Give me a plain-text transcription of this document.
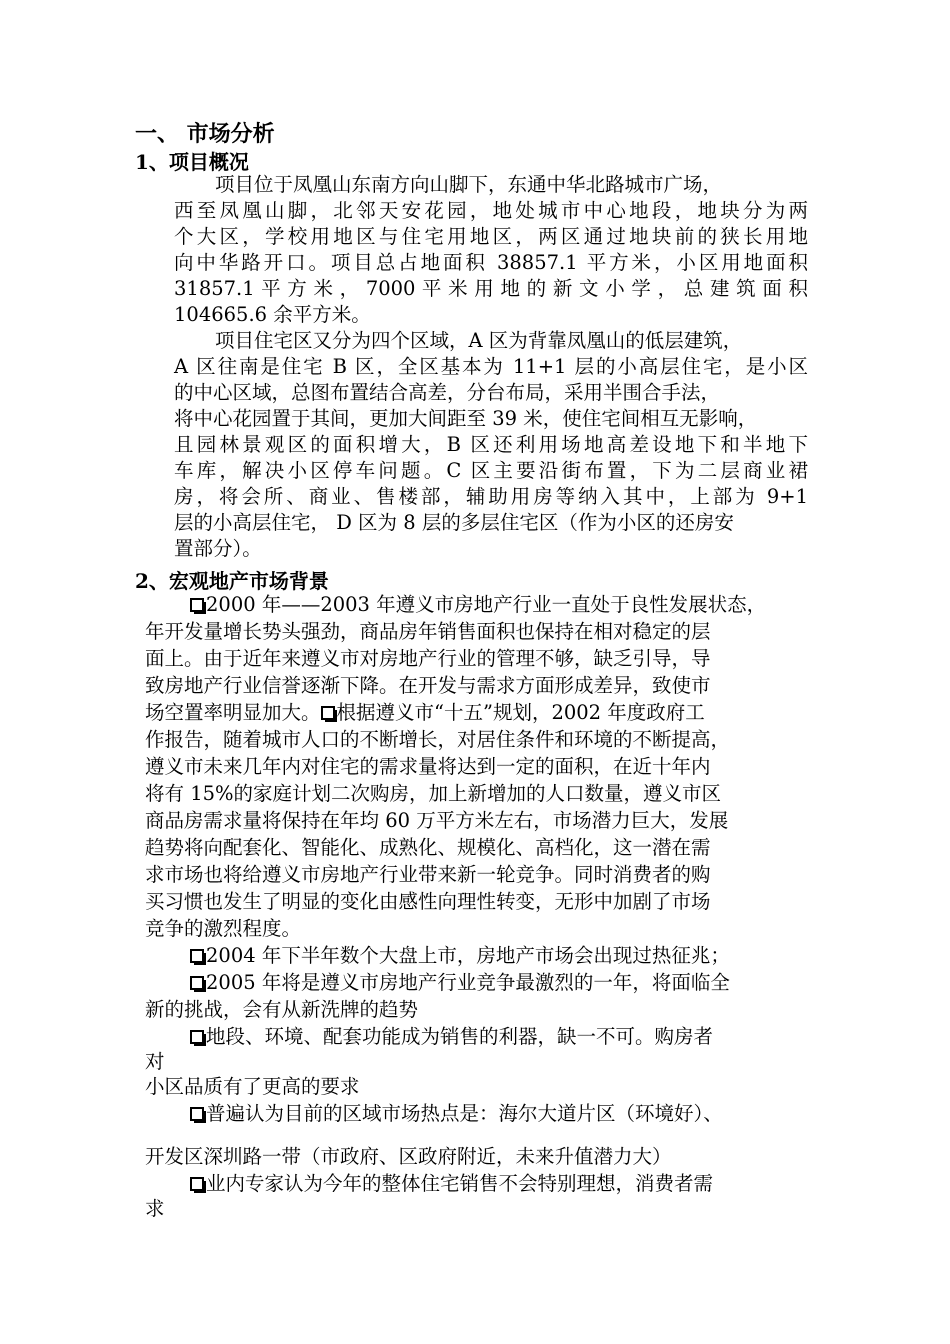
一、 市场分析
1、项目概况
项目位于凤凰山东南方向山脚下，东通中华北路城市广场，
西至凤凰山脚，北邻天安花园，地处城市中心地段，地块分为两
个大区，学校用地区与住宅用地区，两区通过地块前的狭长用地
向中华路开口。项目总占地面积 38857.1 平方米，小区用地面积
31857.1 平 方 米 ， 7000 平 米 用 地 的 新 文 小 学 ， 总 建 筑 面 积
104665.6 余平方米。
项目住宅区又分为四个区域，A 区为背靠凤凰山的低层建筑，
A 区往南是住宅 B 区，全区基本为 11+1 层的小高层住宅，是小区
的中心区域，总图布置结合高差，分台布局，采用半围合手法，
将中心花园置于其间，更加大间距至 39 米，使住宅间相互无影响，
且园林景观区的面积增大，B 区还利用场地高差设地下和半地下
车库，解决小区停车问题。C 区主要沿街布置，下为二层商业裙
房，将会所、商业、售楼部，辅助用房等纳入其中，上部为 9+1
层的小高层住宅， D 区为 8 层的多层住宅区（作为小区的还房安
置部分）。
2、宏观地产市场背景
2000 年——2003 年遵义市房地产行业一直处于良性发展状态，
年开发量增长势头强劲，商品房年销售面积也保持在相对稳定的层
面上。由于近年来遵义市对房地产行业的管理不够，缺乏引导，导
致房地产行业信誉逐渐下降。在开发与需求方面形成差异，致使市
场空置率明显加大。 根据遵义市“十五”规划，2002 年度政府工
作报告，随着城市人口的不断增长，对居住条件和环境的不断提高，
遵义市未来几年内对住宅的需求量将达到一定的面积，在近十年内
将有 15%的家庭计划二次购房，加上新增加的人口数量，遵义市区
商品房需求量将保持在年均 60 万平方米左右，市场潜力巨大，发展
趋势将向配套化、智能化、成熟化、规模化、高档化，这一潜在需
求市场也将给遵义市房地产行业带来新一轮竞争。同时消费者的购
买习惯也发生了明显的变化由感性向理性转变，无形中加剧了市场
竞争的激烈程度。
2004 年下半年数个大盘上市，房地产市场会出现过热征兆；
2005 年将是遵义市房地产行业竞争最激烈的一年，将面临全
新的挑战，会有从新洗牌的趋势
地段、环境、配套功能成为销售的利器，缺一不可。购房者
对
小区品质有了更高的要求
普遍认为目前的区域市场热点是：海尔大道片区（环境好）、
开发区深圳路一带（市政府、区政府附近，未来升值潜力大）
业内专家认为今年的整体住宅销售不会特别理想，消费者需
求
